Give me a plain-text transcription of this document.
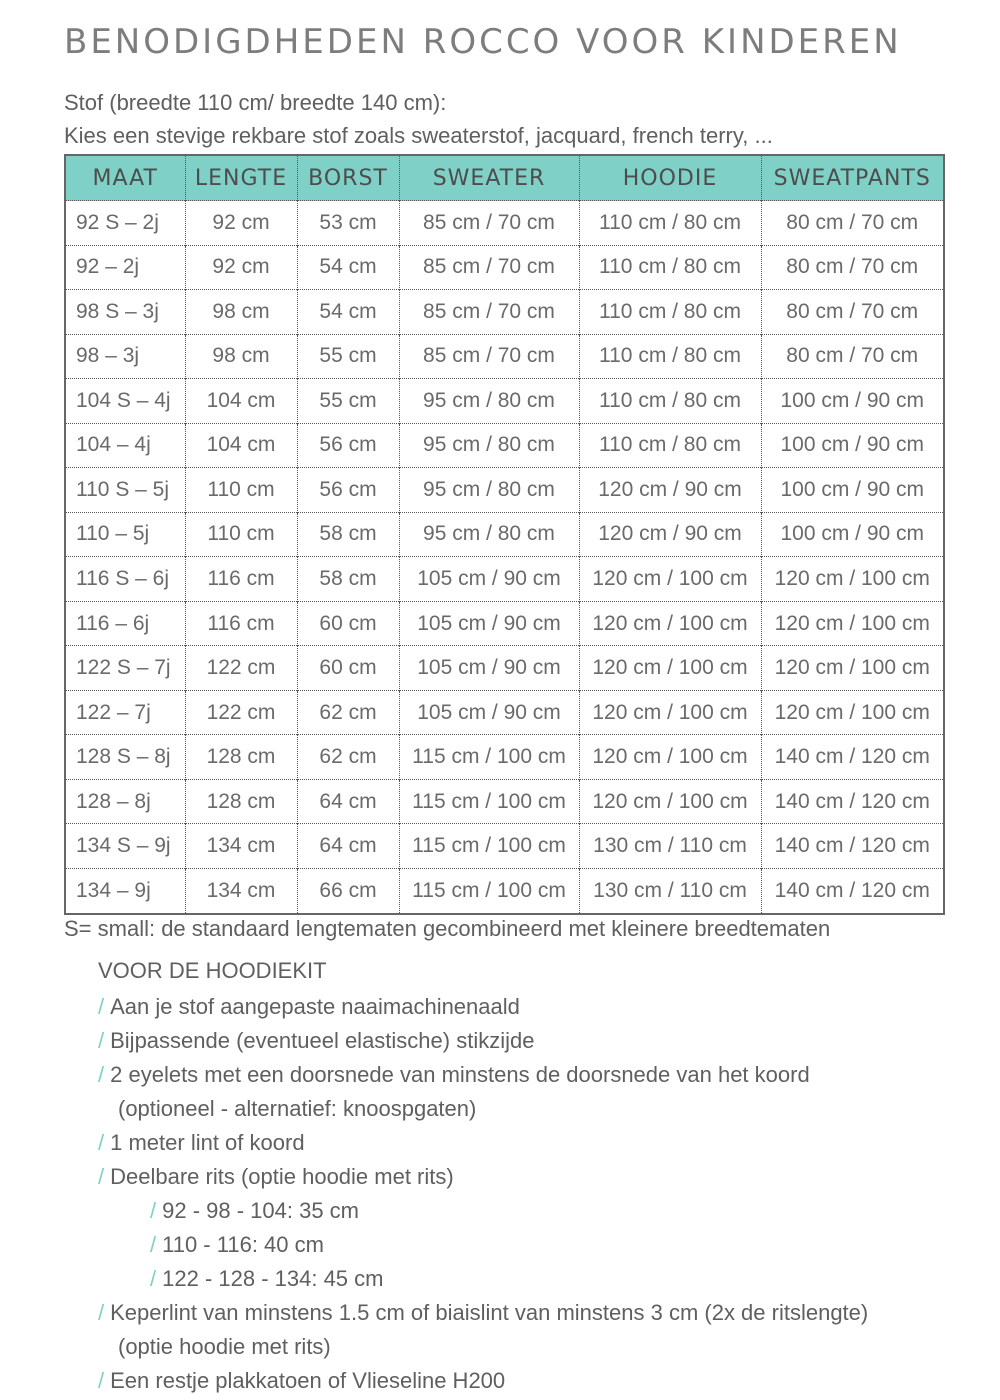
BENODIGDHEDEN ROCCO VOOR KINDEREN
Stof (breedte 110 cm/ breedte 140 cm):
Kies een stevige rekbare stof zoals sweaterstof, jacquard, french terry, ...
MAAT	LENGTE	BORST	SWEATER	HOODIE	SWEATPANTS
92 S – 2j	92 cm	53 cm	85 cm / 70 cm	110 cm / 80 cm	80 cm / 70 cm
92 – 2j	92 cm	54 cm	85 cm / 70 cm	110 cm / 80 cm	80 cm / 70 cm
98 S – 3j	98 cm	54 cm	85 cm / 70 cm	110 cm / 80 cm	80 cm / 70 cm
98 – 3j	98 cm	55 cm	85 cm / 70 cm	110 cm / 80 cm	80 cm / 70 cm
104 S – 4j	104 cm	55 cm	95 cm / 80 cm	110 cm / 80 cm	100 cm / 90 cm
104 – 4j	104 cm	56 cm	95 cm / 80 cm	110 cm / 80 cm	100 cm / 90 cm
110 S – 5j	110 cm	56 cm	95 cm / 80 cm	120 cm / 90 cm	100 cm / 90 cm
110 – 5j	110 cm	58 cm	95 cm / 80 cm	120 cm / 90 cm	100 cm / 90 cm
116 S – 6j	116 cm	58 cm	105 cm / 90 cm	120 cm / 100 cm	120 cm / 100 cm
116 – 6j	116 cm	60 cm	105 cm / 90 cm	120 cm / 100 cm	120 cm / 100 cm
122 S – 7j	122 cm	60 cm	105 cm / 90 cm	120 cm / 100 cm	120 cm / 100 cm
122 – 7j	122 cm	62 cm	105 cm / 90 cm	120 cm / 100 cm	120 cm / 100 cm
128 S – 8j	128 cm	62 cm	115 cm / 100 cm	120 cm / 100 cm	140 cm / 120 cm
128 – 8j	128 cm	64 cm	115 cm / 100 cm	120 cm / 100 cm	140 cm / 120 cm
134 S – 9j	134 cm	64 cm	115 cm / 100 cm	130 cm / 110 cm	140 cm / 120 cm
134 – 9j	134 cm	66 cm	115 cm / 100 cm	130 cm / 110 cm	140 cm / 120 cm
S= small: de standaard lengtematen gecombineerd met kleinere breedtematen
VOOR DE HOODIEKIT
/ Aan je stof aangepaste naaimachinenaald
/ Bijpassende (eventueel elastische) stikzijde
/ 2 eyelets met een doorsnede van minstens de doorsnede van het koord
(optioneel - alternatief: knoospgaten)
/ 1 meter lint of koord
/ Deelbare rits (optie hoodie met rits)
/ 92 - 98 - 104: 35 cm
/ 110 - 116: 40 cm
/ 122 - 128 - 134: 45 cm
/ Keperlint van minstens 1.5 cm of biaislint van minstens 3 cm (2x de ritslengte)
(optie hoodie met rits)
/ Een restje plakkatoen of Vlieseline H200
